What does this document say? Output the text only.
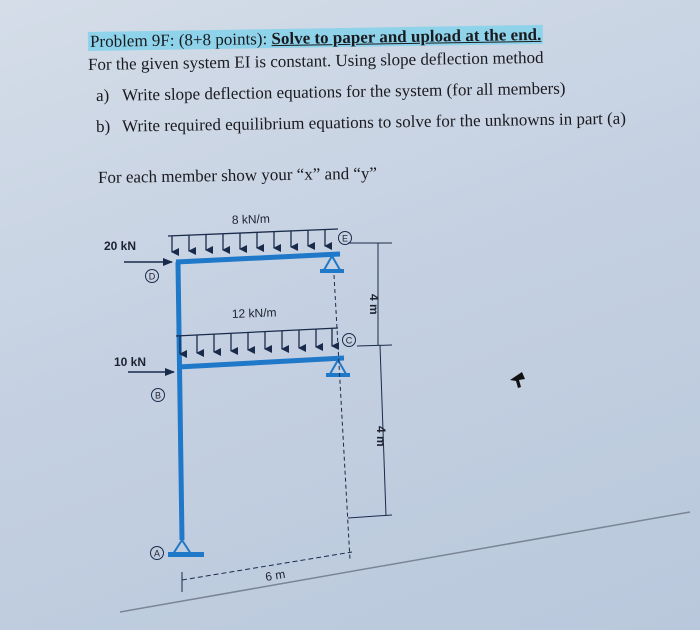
Problem 9F: (8+8 points): Solve to paper and upload at the end.
For the given system EI is constant. Using slope deflection method
a) Write slope deflection equations for the system (for all members)
b) Write required equilibrium equations to solve for the unknowns in part (a)
For each member show your “x” and “y”
8 kN/m
12 kN/m
20 kN
10 kN
D
B
A
E
C
4 m
4 m
6 m
